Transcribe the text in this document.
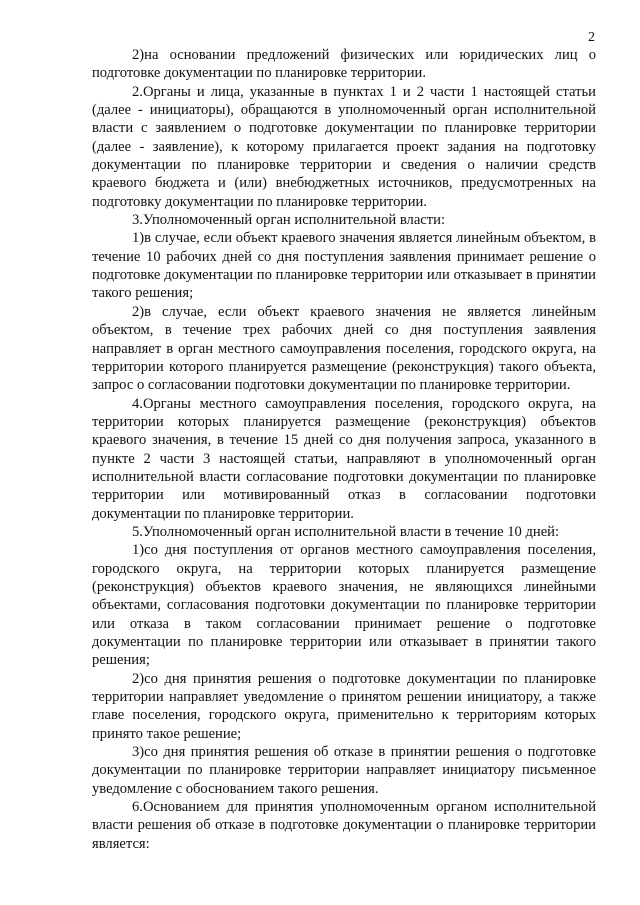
2

2)на основании предложений физических или юридических лиц о подготовке документации по планировке территории.

2.Органы и лица, указанные в пунктах 1 и 2 части 1 настоящей статьи (далее - инициаторы), обращаются в уполномоченный орган исполнительной власти с заявлением о подготовке документации по планировке территории (далее - заявление), к которому прилагается проект задания на подготовку документации по планировке территории и сведения о наличии средств краевого бюджета и (или) внебюджетных источников, предусмотренных на подготовку документации по планировке территории.

3.Уполномоченный орган исполнительной власти:

1)в случае, если объект краевого значения является линейным объектом, в течение 10 рабочих дней со дня поступления заявления принимает решение о подготовке документации по планировке территории или отказывает в принятии такого решения;

2)в случае, если объект краевого значения не является линейным объектом, в течение трех рабочих дней со дня поступления заявления направляет в орган местного самоуправления поселения, городского округа, на территории которого планируется размещение (реконструкция) такого объекта, запрос о согласовании подготовки документации по планировке территории.

4.Органы местного самоуправления поселения, городского округа, на территории которых планируется размещение (реконструкция) объектов краевого значения, в течение 15 дней со дня получения запроса, указанного в пункте 2 части 3 настоящей статьи, направляют в уполномоченный орган исполнительной власти согласование подготовки документации по планировке территории или мотивированный отказ в согласовании подготовки документации по планировке территории.

5.Уполномоченный орган исполнительной власти в течение 10 дней:

1)со дня поступления от органов местного самоуправления поселения, городского округа, на территории которых планируется размещение (реконструкция) объектов краевого значения, не являющихся линейными объектами, согласования подготовки документации по планировке территории или отказа в таком согласовании принимает решение о подготовке документации по планировке территории или отказывает в принятии такого решения;

2)со дня принятия решения о подготовке документации по планировке территории направляет уведомление о принятом решении инициатору, а также главе поселения, городского округа, применительно к территориям которых принято такое решение;

3)со дня принятия решения об отказе в принятии решения о подготовке документации по планировке территории направляет инициатору письменное уведомление с обоснованием такого решения.

6.Основанием для принятия уполномоченным органом исполнительной власти решения об отказе в подготовке документации о планировке территории является:
